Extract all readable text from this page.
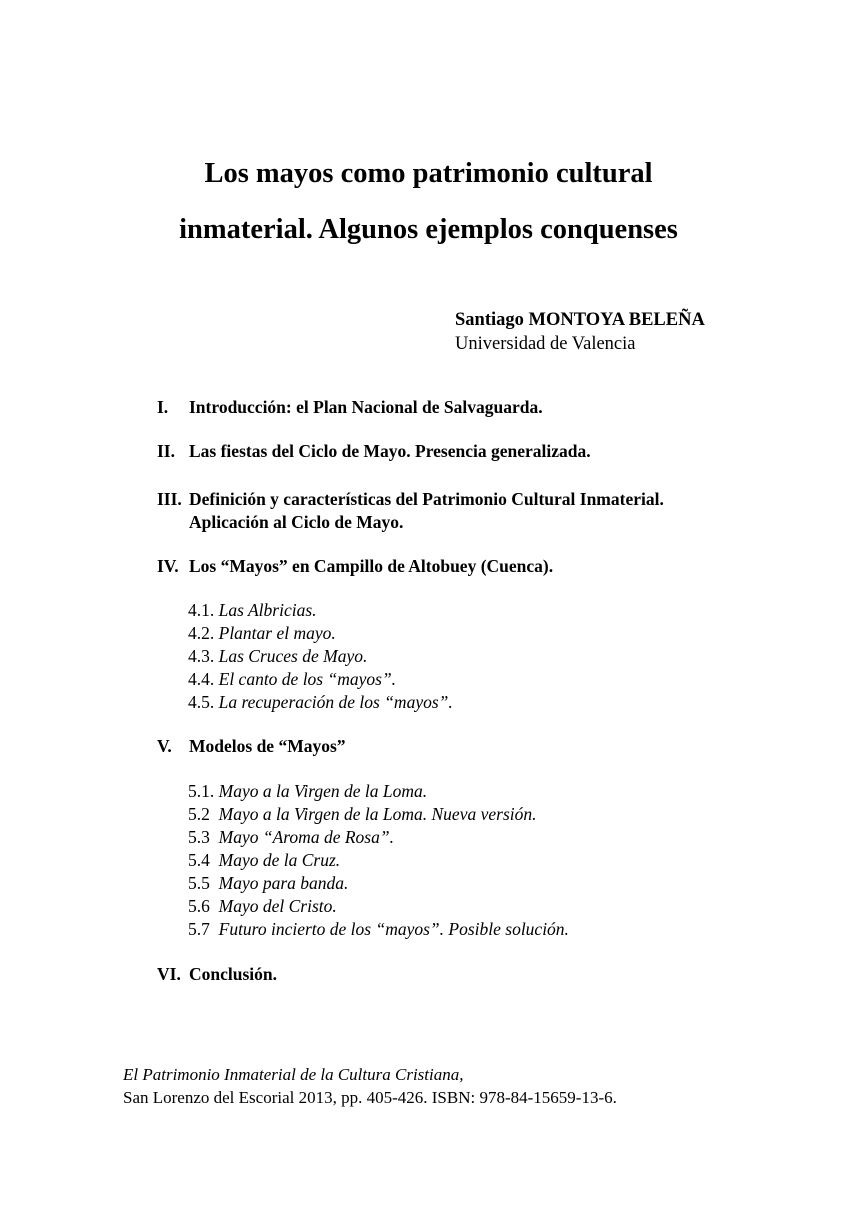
Los mayos como patrimonio cultural
inmaterial. Algunos ejemplos conquenses
Santiago MONTOYA BELEÑA
Universidad de Valencia
I. Introducción: el Plan Nacional de Salvaguarda.
II. Las fiestas del Ciclo de Mayo. Presencia generalizada.
III. Definición y características del Patrimonio Cultural Inmaterial.
Aplicación al Ciclo de Mayo.
IV. Los “Mayos” en Campillo de Altobuey (Cuenca).
4.1. Las Albricias.
4.2. Plantar el mayo.
4.3. Las Cruces de Mayo.
4.4. El canto de los “mayos”.
4.5. La recuperación de los “mayos”.
V. Modelos de “Mayos”
5.1. Mayo a la Virgen de la Loma.
5.2 Mayo a la Virgen de la Loma. Nueva versión.
5.3 Mayo “Aroma de Rosa”.
5.4 Mayo de la Cruz.
5.5 Mayo para banda.
5.6 Mayo del Cristo.
5.7 Futuro incierto de los “mayos”. Posible solución.
VI. Conclusión.
El Patrimonio Inmaterial de la Cultura Cristiana,
San Lorenzo del Escorial 2013, pp. 405-426. ISBN: 978-84-15659-13-6.
